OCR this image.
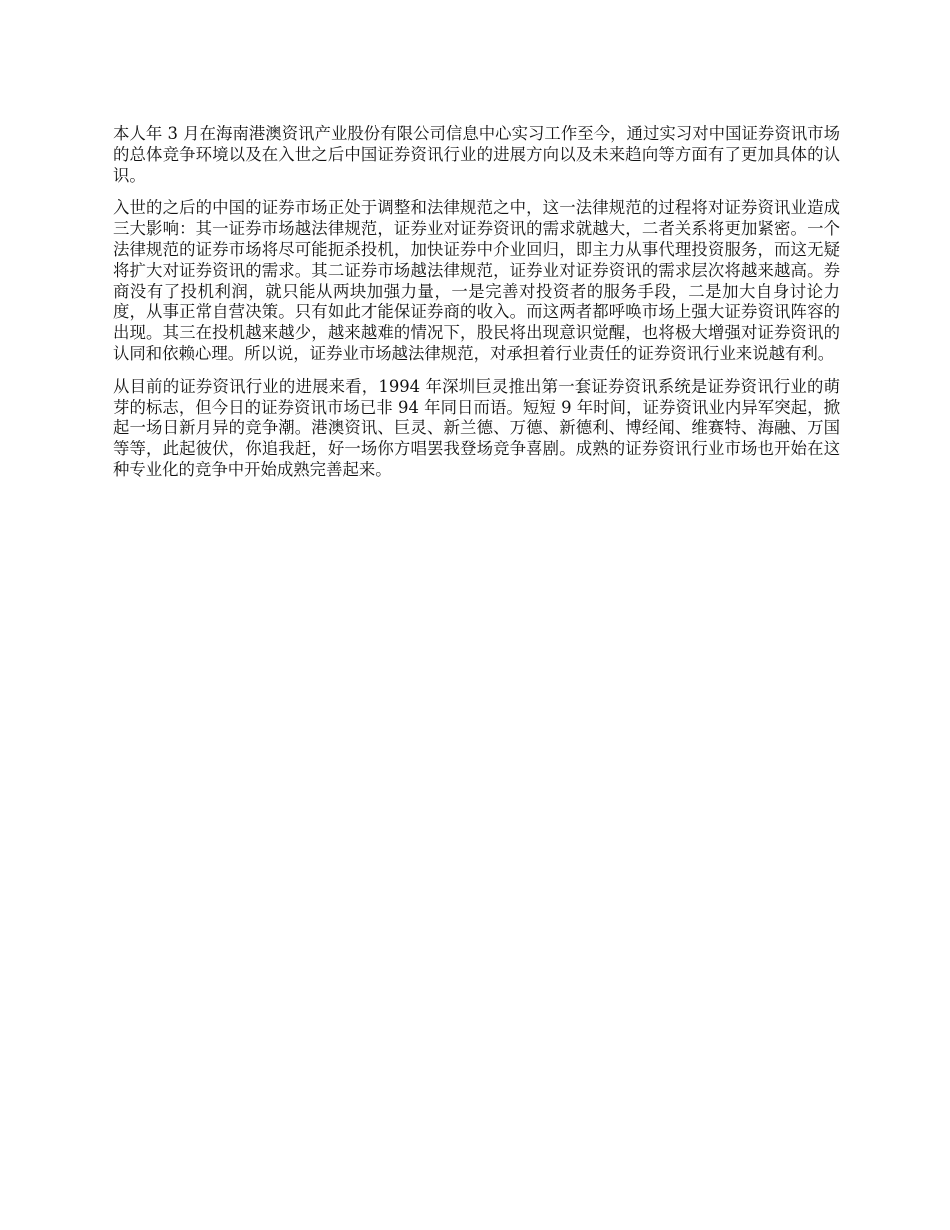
本人年 3 月在海南港澳资讯产业股份有限公司信息中心实习工作至今，通过实习对中国证券资讯市场的总体竞争环境以及在入世之后中国证券资讯行业的进展方向以及未来趋向等方面有了更加具体的认识。

入世的之后的中国的证券市场正处于调整和法律规范之中，这一法律规范的过程将对证券资讯业造成三大影响：其一证券市场越法律规范，证券业对证券资讯的需求就越大，二者关系将更加紧密。一个法律规范的证券市场将尽可能扼杀投机，加快证券中介业回归，即主力从事代理投资服务，而这无疑将扩大对证券资讯的需求。其二证券市场越法律规范，证券业对证券资讯的需求层次将越来越高。券商没有了投机利润，就只能从两块加强力量，一是完善对投资者的服务手段，二是加大自身讨论力度，从事正常自营决策。只有如此才能保证券商的收入。而这两者都呼唤市场上强大证券资讯阵容的出现。其三在投机越来越少，越来越难的情况下，股民将出现意识觉醒，也将极大增强对证券资讯的认同和依赖心理。所以说，证券业市场越法律规范，对承担着行业责任的证券资讯行业来说越有利。

从目前的证券资讯行业的进展来看，1994 年深圳巨灵推出第一套证券资讯系统是证券资讯行业的萌芽的标志，但今日的证券资讯市场已非 94 年同日而语。短短 9 年时间，证券资讯业内异军突起，掀起一场日新月异的竞争潮。港澳资讯、巨灵、新兰德、万德、新德利、博经闻、维赛特、海融、万国等等，此起彼伏，你追我赶，好一场你方唱罢我登场竞争喜剧。成熟的证券资讯行业市场也开始在这种专业化的竞争中开始成熟完善起来。
